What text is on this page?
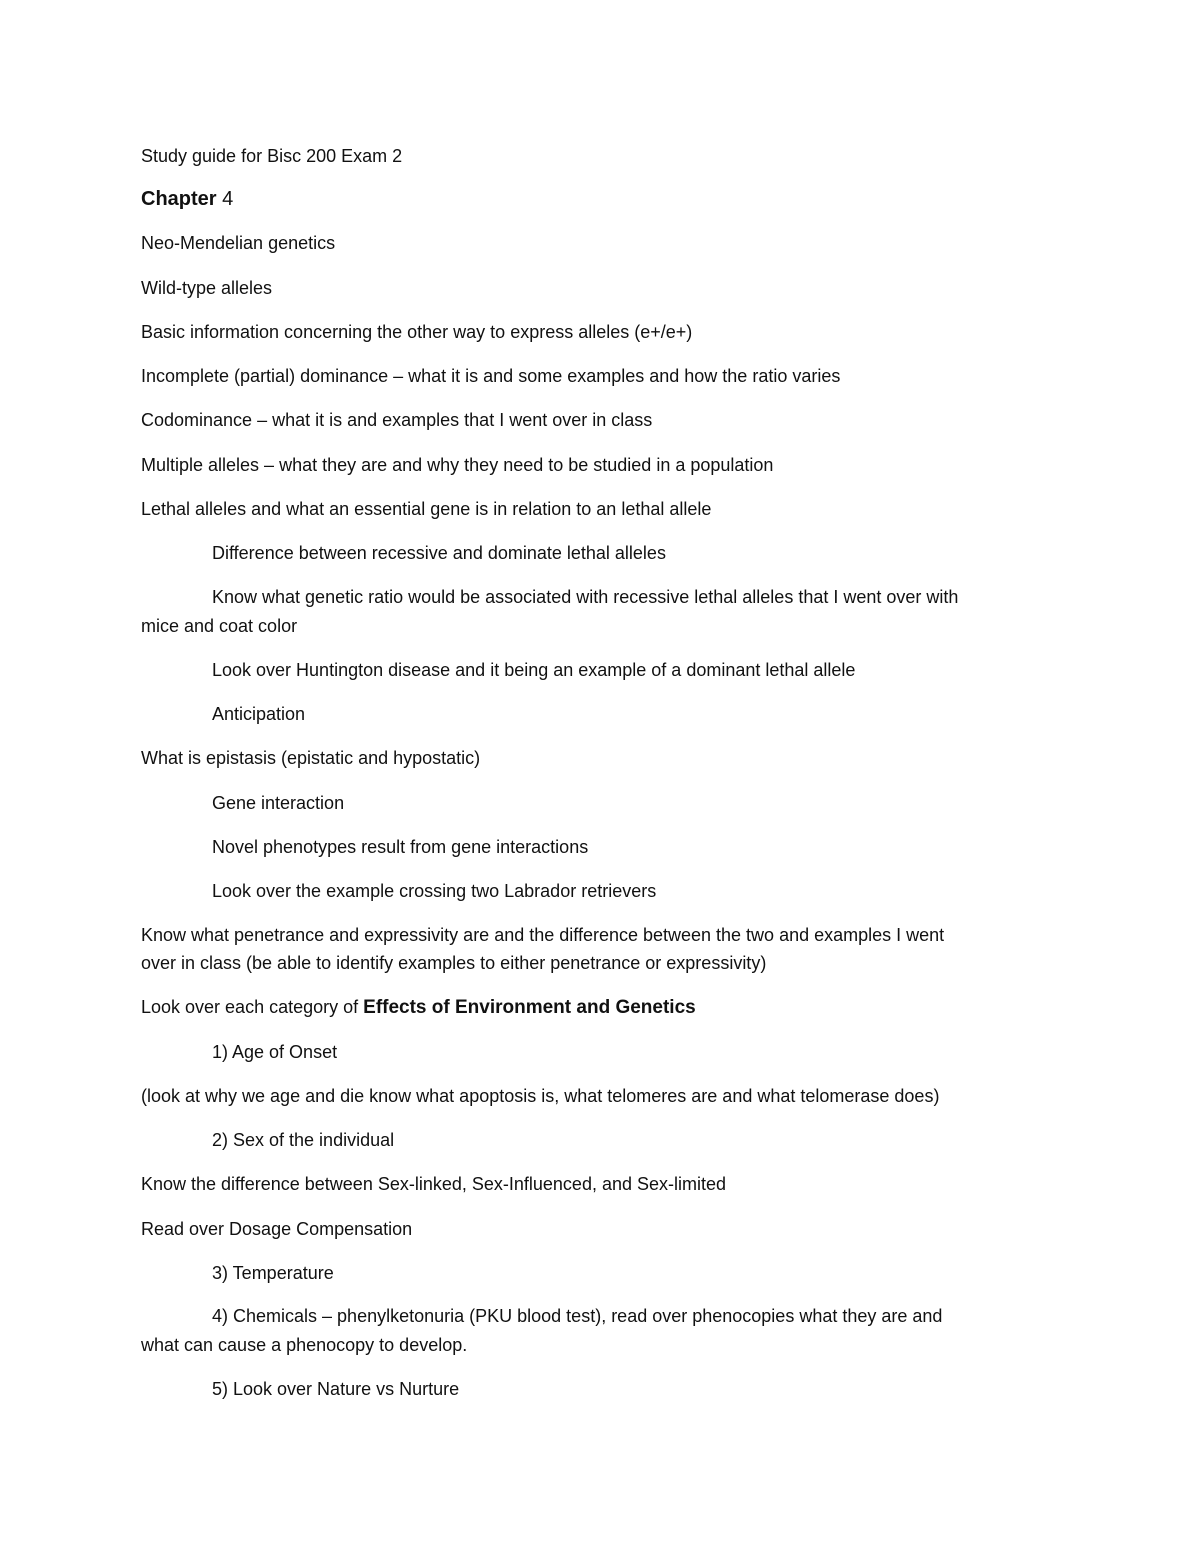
Study guide for Bisc 200 Exam 2
Chapter 4
Neo-Mendelian genetics
Wild-type alleles
Basic information concerning the other way to express alleles (e+/e+)
Incomplete (partial) dominance – what it is and some examples and how the ratio varies
Codominance – what it is and examples that I went over in class
Multiple alleles – what they are and why they need to be studied in a population
Lethal alleles and what an essential gene is in relation to an lethal allele
Difference between recessive and dominate lethal alleles
Know what genetic ratio would be associated with recessive lethal alleles that I went over with
mice and coat color
Look over Huntington disease and it being an example of a dominant lethal allele
Anticipation
What is epistasis (epistatic and hypostatic)
Gene interaction
Novel phenotypes result from gene interactions
Look over the example crossing two Labrador retrievers
Know what penetrance and expressivity are and the difference between the two and examples I went
over in class (be able to identify examples to either penetrance or expressivity)
Look over each category of Effects of Environment and Genetics
1) Age of Onset
(look at why we age and die know what apoptosis is, what telomeres are and what telomerase does)
2) Sex of the individual
Know the difference between Sex-linked, Sex-Influenced, and Sex-limited
Read over Dosage Compensation
3) Temperature
4) Chemicals – phenylketonuria (PKU blood test), read over phenocopies what they are and
what can cause a phenocopy to develop.
5) Look over Nature vs Nurture
